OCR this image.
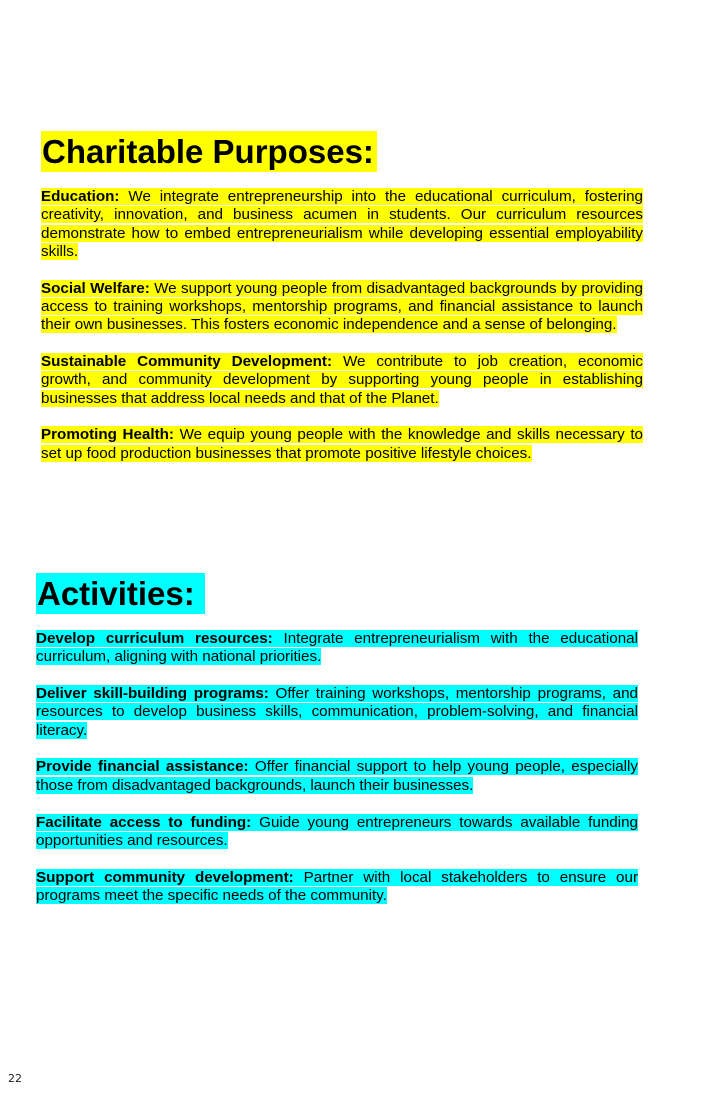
Charitable Purposes:

Education: We integrate entrepreneurship into the educational curriculum, fostering creativity, innovation, and business acumen in students. Our curriculum resources demonstrate how to embed entrepreneurialism while developing essential employability skills.

Social Welfare: We support young people from disadvantaged backgrounds by providing access to training workshops, mentorship programs, and financial assistance to launch their own businesses. This fosters economic independence and a sense of belonging.

Sustainable Community Development: We contribute to job creation, economic growth, and community development by supporting young people in establishing businesses that address local needs and that of the Planet.

Promoting Health: We equip young people with the knowledge and skills necessary to set up food production businesses that promote positive lifestyle choices.

Activities:

Develop curriculum resources: Integrate entrepreneurialism with the educational curriculum, aligning with national priorities.

Deliver skill-building programs: Offer training workshops, mentorship programs, and resources to develop business skills, communication, problem-solving, and financial literacy.

Provide financial assistance: Offer financial support to help young people, especially those from disadvantaged backgrounds, launch their businesses.

Facilitate access to funding: Guide young entrepreneurs towards available funding opportunities and resources.

Support community development: Partner with local stakeholders to ensure our programs meet the specific needs of the community.

22
